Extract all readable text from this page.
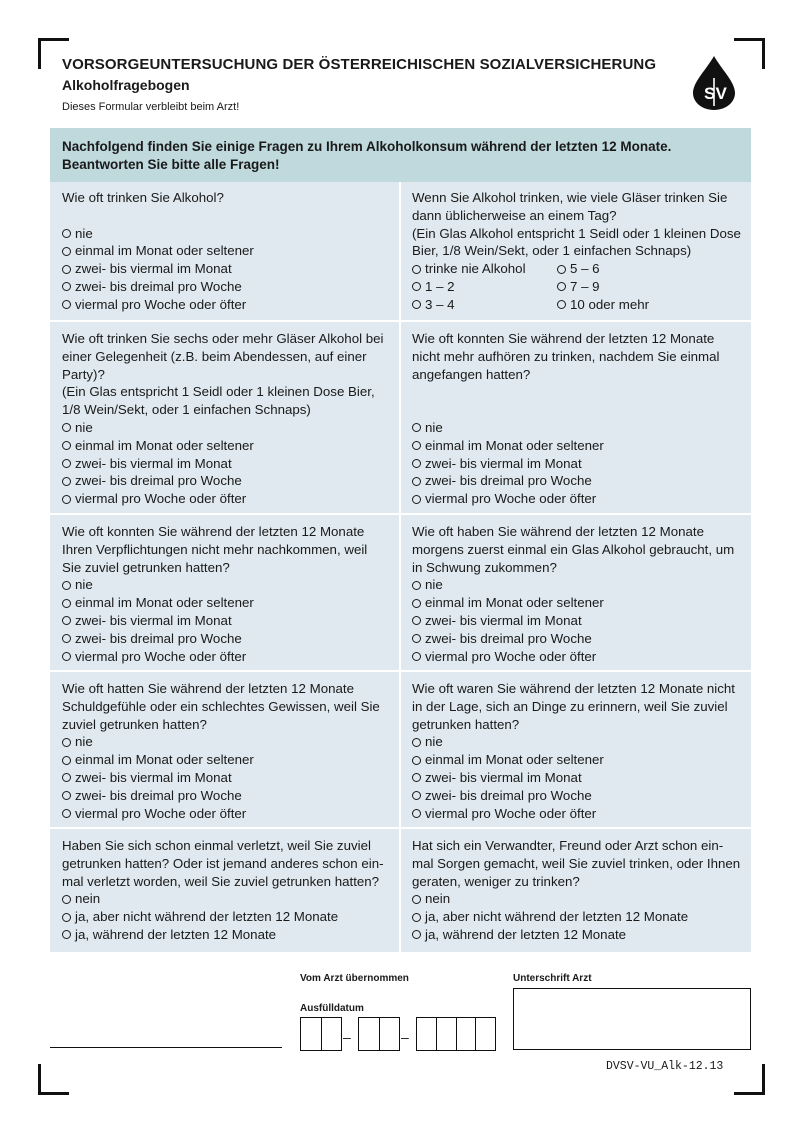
VORSORGEUNTERSUCHUNG DER ÖSTERREICHISCHEN SOZIALVERSICHERUNG
Alkoholfragebogen
Dieses Formular verbleibt beim Arzt!
S V
Nachfolgend finden Sie einige Fragen zu Ihrem Alkoholkonsum während der letzten 12 Monate.
Beantworten Sie bitte alle Fragen!
Wie oft trinken Sie Alkohol?

nie
einmal im Monat oder seltener
zwei- bis viermal im Monat
zwei- bis dreimal pro Woche
viermal pro Woche oder öfter
Wenn Sie Alkohol trinken, wie viele Gläser trinken Sie
dann üblicherweise an einem Tag?
(Ein Glas Alkohol entspricht 1 Seidl oder 1 kleinen Dose
Bier, 1/8 Wein/Sekt, oder 1 einfachen Schnaps)
trinke nie Alkohol	5 – 6
1 – 2	7 – 9
3 – 4	10 oder mehr
Wie oft trinken Sie sechs oder mehr Gläser Alkohol bei
einer Gelegenheit (z.B. beim Abendessen, auf einer
Party)?
(Ein Glas entspricht 1 Seidl oder 1 kleinen Dose Bier,
1/8 Wein/Sekt, oder 1 einfachen Schnaps)
nie
einmal im Monat oder seltener
zwei- bis viermal im Monat
zwei- bis dreimal pro Woche
viermal pro Woche oder öfter
Wie oft konnten Sie während der letzten 12 Monate
nicht mehr aufhören zu trinken, nachdem Sie einmal
angefangen hatten?

nie
einmal im Monat oder seltener
zwei- bis viermal im Monat
zwei- bis dreimal pro Woche
viermal pro Woche oder öfter
Wie oft konnten Sie während der letzten 12 Monate
Ihren Verpflichtungen nicht mehr nachkommen, weil
Sie zuviel getrunken hatten?
nie
einmal im Monat oder seltener
zwei- bis viermal im Monat
zwei- bis dreimal pro Woche
viermal pro Woche oder öfter
Wie oft haben Sie während der letzten 12 Monate
morgens zuerst einmal ein Glas Alkohol gebraucht, um
in Schwung zukommen?
nie
einmal im Monat oder seltener
zwei- bis viermal im Monat
zwei- bis dreimal pro Woche
viermal pro Woche oder öfter
Wie oft hatten Sie während der letzten 12 Monate
Schuldgefühle oder ein schlechtes Gewissen, weil Sie
zuviel getrunken hatten?
nie
einmal im Monat oder seltener
zwei- bis viermal im Monat
zwei- bis dreimal pro Woche
viermal pro Woche oder öfter
Wie oft waren Sie während der letzten 12 Monate nicht
in der Lage, sich an Dinge zu erinnern, weil Sie zuviel
getrunken hatten?
nie
einmal im Monat oder seltener
zwei- bis viermal im Monat
zwei- bis dreimal pro Woche
viermal pro Woche oder öfter
Haben Sie sich schon einmal verletzt, weil Sie zuviel
getrunken hatten? Oder ist jemand anderes schon ein-
mal verletzt worden, weil Sie zuviel getrunken hatten?
nein
ja, aber nicht während der letzten 12 Monate
ja, während der letzten 12 Monate
Hat sich ein Verwandter, Freund oder Arzt schon ein-
mal Sorgen gemacht, weil Sie zuviel trinken, oder Ihnen
geraten, weniger zu trinken?
nein
ja, aber nicht während der letzten 12 Monate
ja, während der letzten 12 Monate
Vom Arzt übernommen
Ausfülldatum
Unterschrift Arzt
–	–
DVSV-VU_Alk-12.13
